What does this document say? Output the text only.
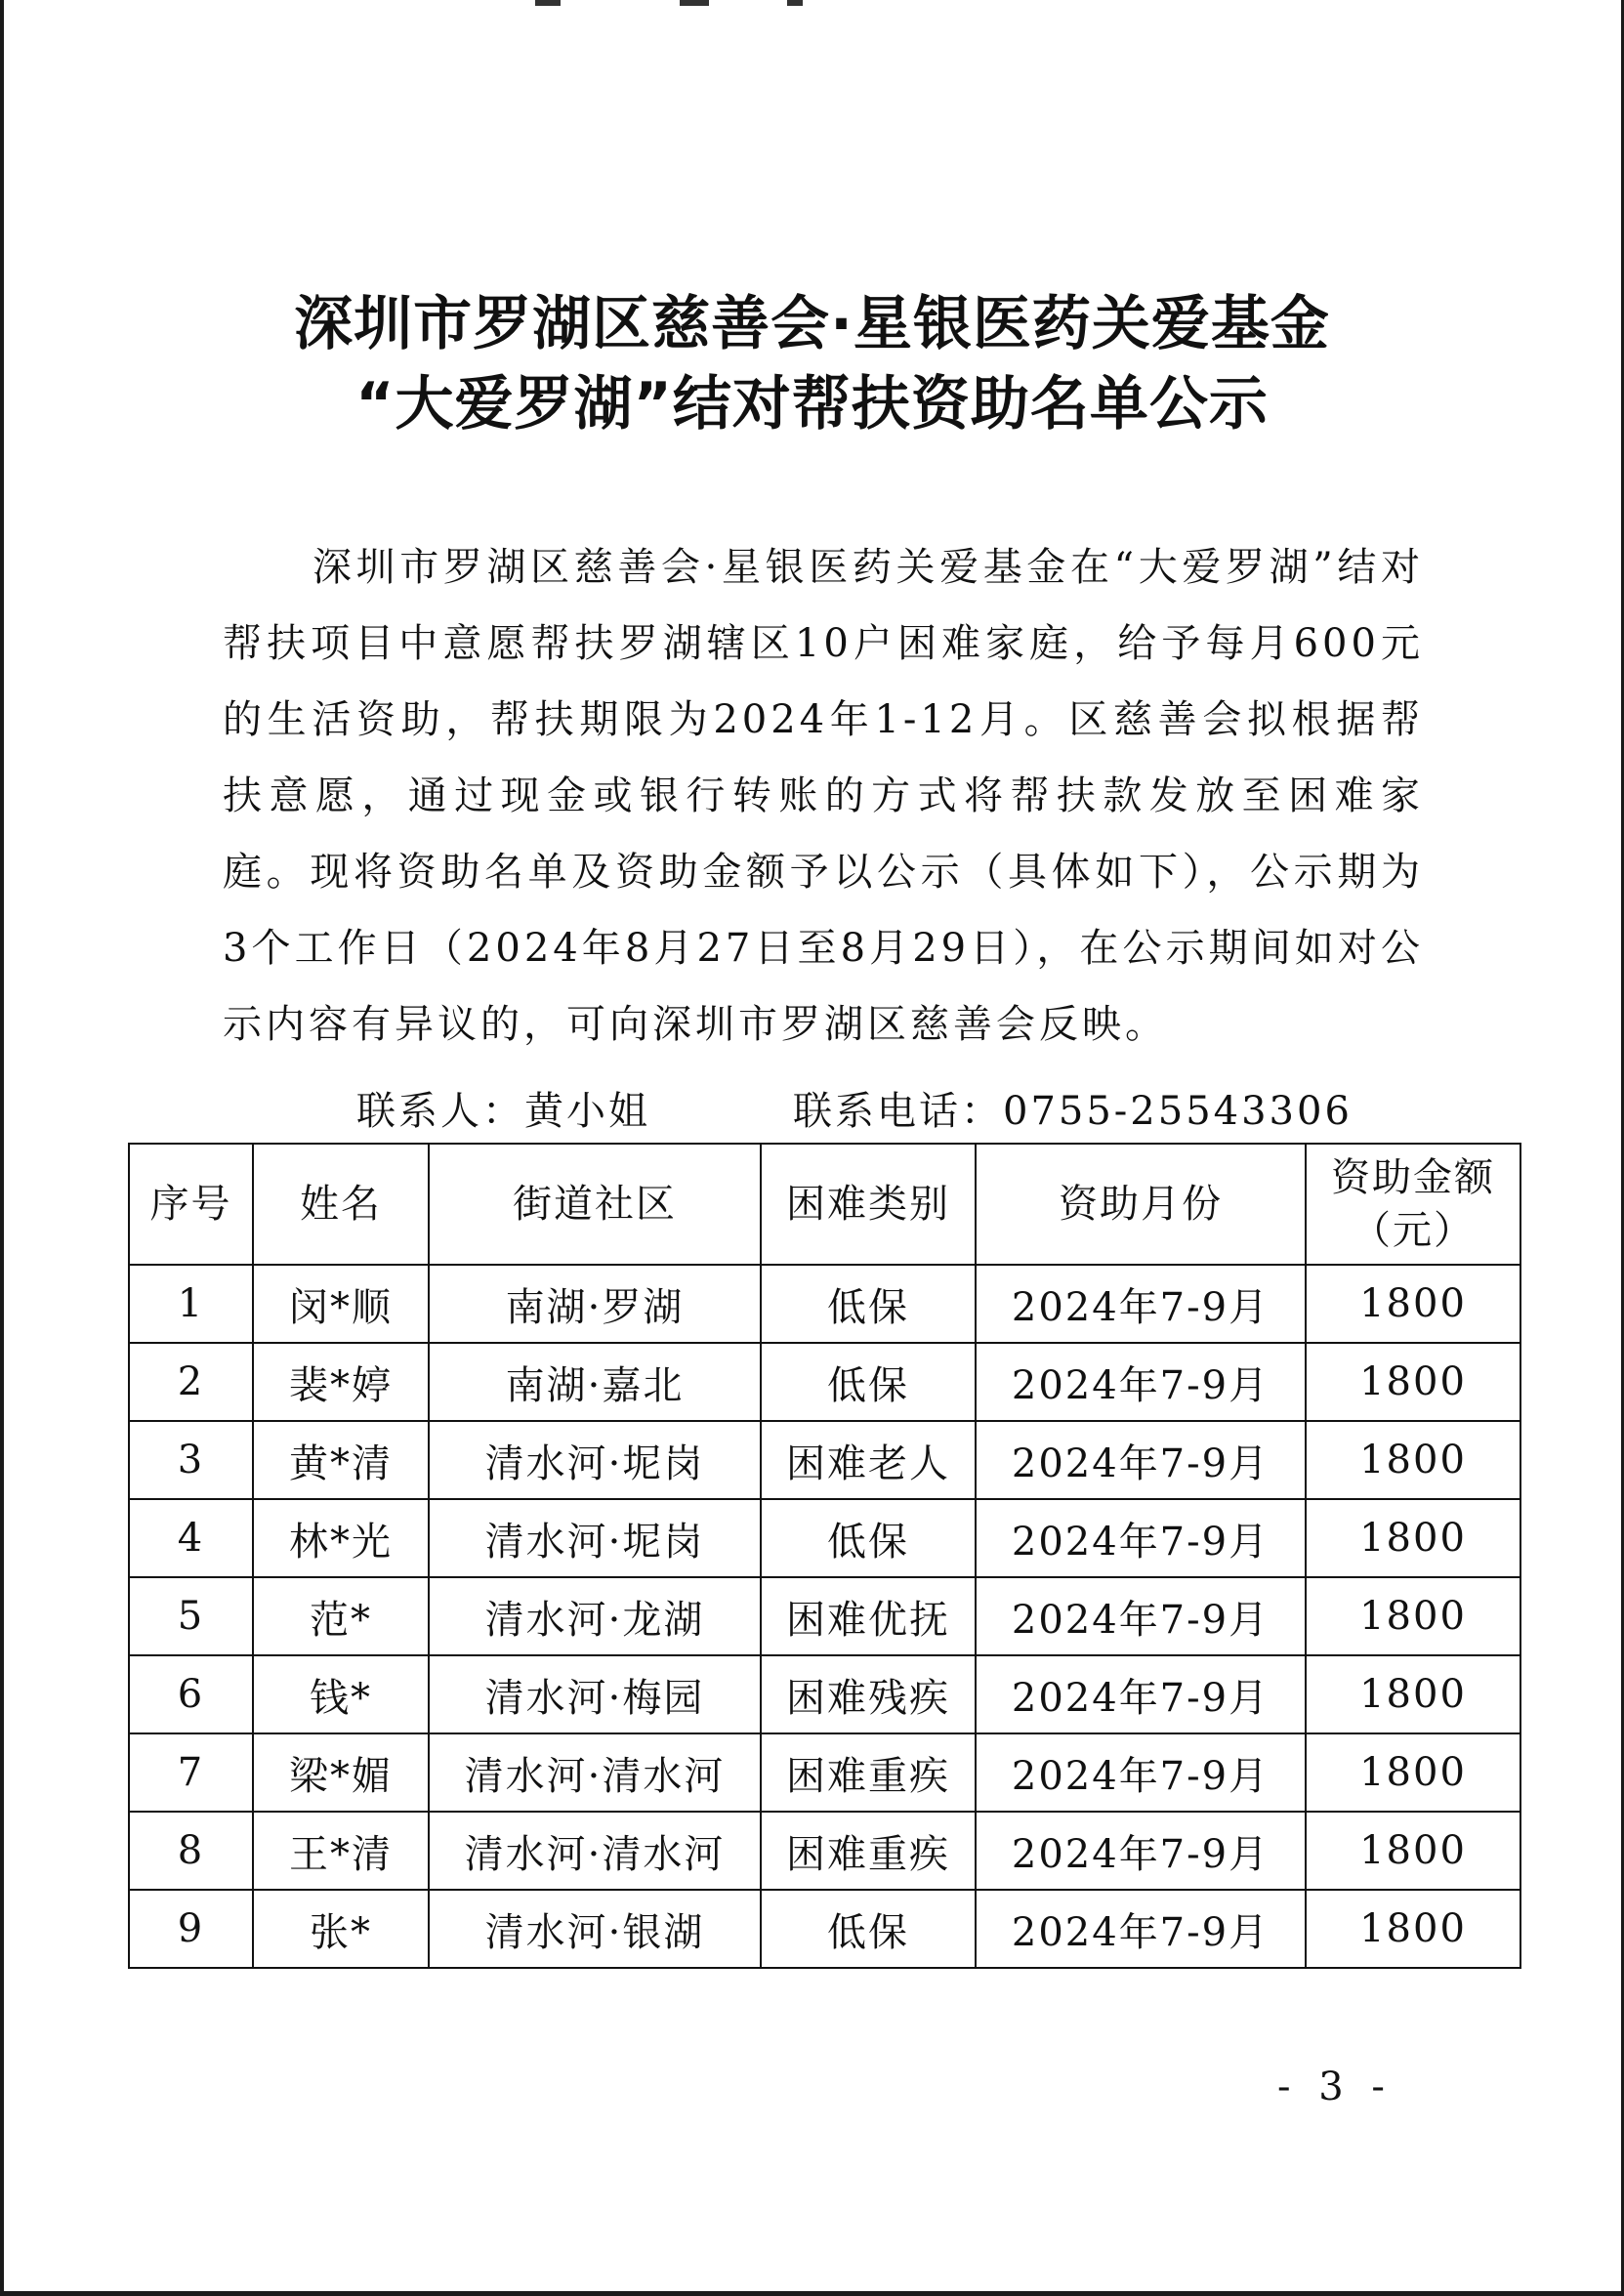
深圳市罗湖区慈善会·星银医药关爱基金
“大爱罗湖”结对帮扶资助名单公示

深圳市罗湖区慈善会·星银医药关爱基金在“大爱罗湖”结对帮扶项目中意愿帮扶罗湖辖区10户困难家庭，给予每月600元的生活资助，帮扶期限为2024年1-12月。区慈善会拟根据帮扶意愿，通过现金或银行转账的方式将帮扶款发放至困难家庭。现将资助名单及资助金额予以公示（具体如下），公示期为3个工作日（2024年8月27日至8月29日），在公示期间如对公示内容有异议的，可向深圳市罗湖区慈善会反映。

联系人：黄小姐	联系电话：0755-25543306
序号	姓名	街道社区	困难类别	资助月份	资助金额
（元）

1	闵*顺	南湖·罗湖	低保	2024年7-9月	1800
2	裴*婷	南湖·嘉北	低保	2024年7-9月	1800
3	黄*清	清水河·坭岗	困难老人	2024年7-9月	1800
4	林*光	清水河·坭岗	低保	2024年7-9月	1800
5	范*	清水河·龙湖	困难优抚	2024年7-9月	1800
6	钱*	清水河·梅园	困难残疾	2024年7-9月	1800
7	梁*媚	清水河·清水河	困难重疾	2024年7-9月	1800
8	王*清	清水河·清水河	困难重疾	2024年7-9月	1800
9	张*	清水河·银湖	低保	2024年7-9月	1800
- 3 -
